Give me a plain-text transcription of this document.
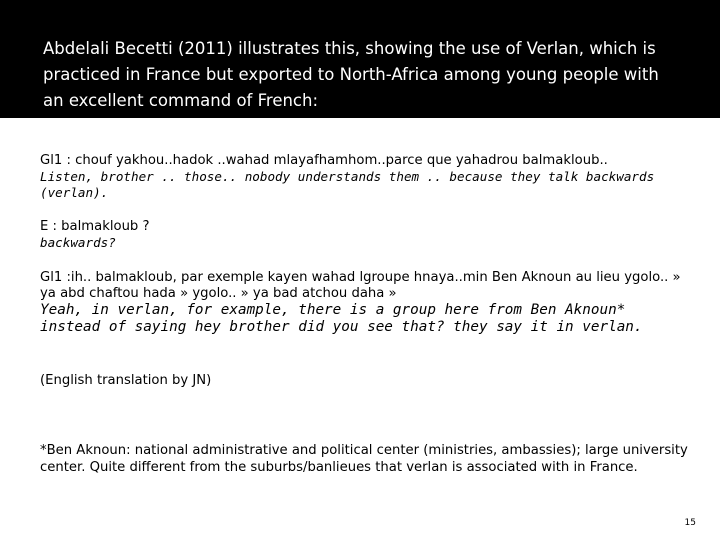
Abdelali Becetti (2011) illustrates this, showing the use of Verlan, which is practiced in France but exported to North-Africa among young people with an excellent command of French:
Gl1 : chouf yakhou..hadok ..wahad mlayafhamhom..parce que yahadrou balmakloub..
Listen, brother .. those.. nobody understands them .. because they talk backwards (verlan).
E : balmakloub ?
backwards?
Gl1 :ih.. balmakloub, par exemple kayen wahad lgroupe hnaya..min Ben Aknoun au lieu ygolo.. » ya abd chaftou hada » ygolo.. » ya bad atchou daha »
Yeah, in verlan, for example, there is a group here from Ben Aknoun* instead of saying hey brother did you see that? they say it in verlan.
(English translation by JN)
*Ben Aknoun: national administrative and political center (ministries, ambassies); large university center. Quite different from the suburbs/banlieues that verlan is associated with in France.
15
